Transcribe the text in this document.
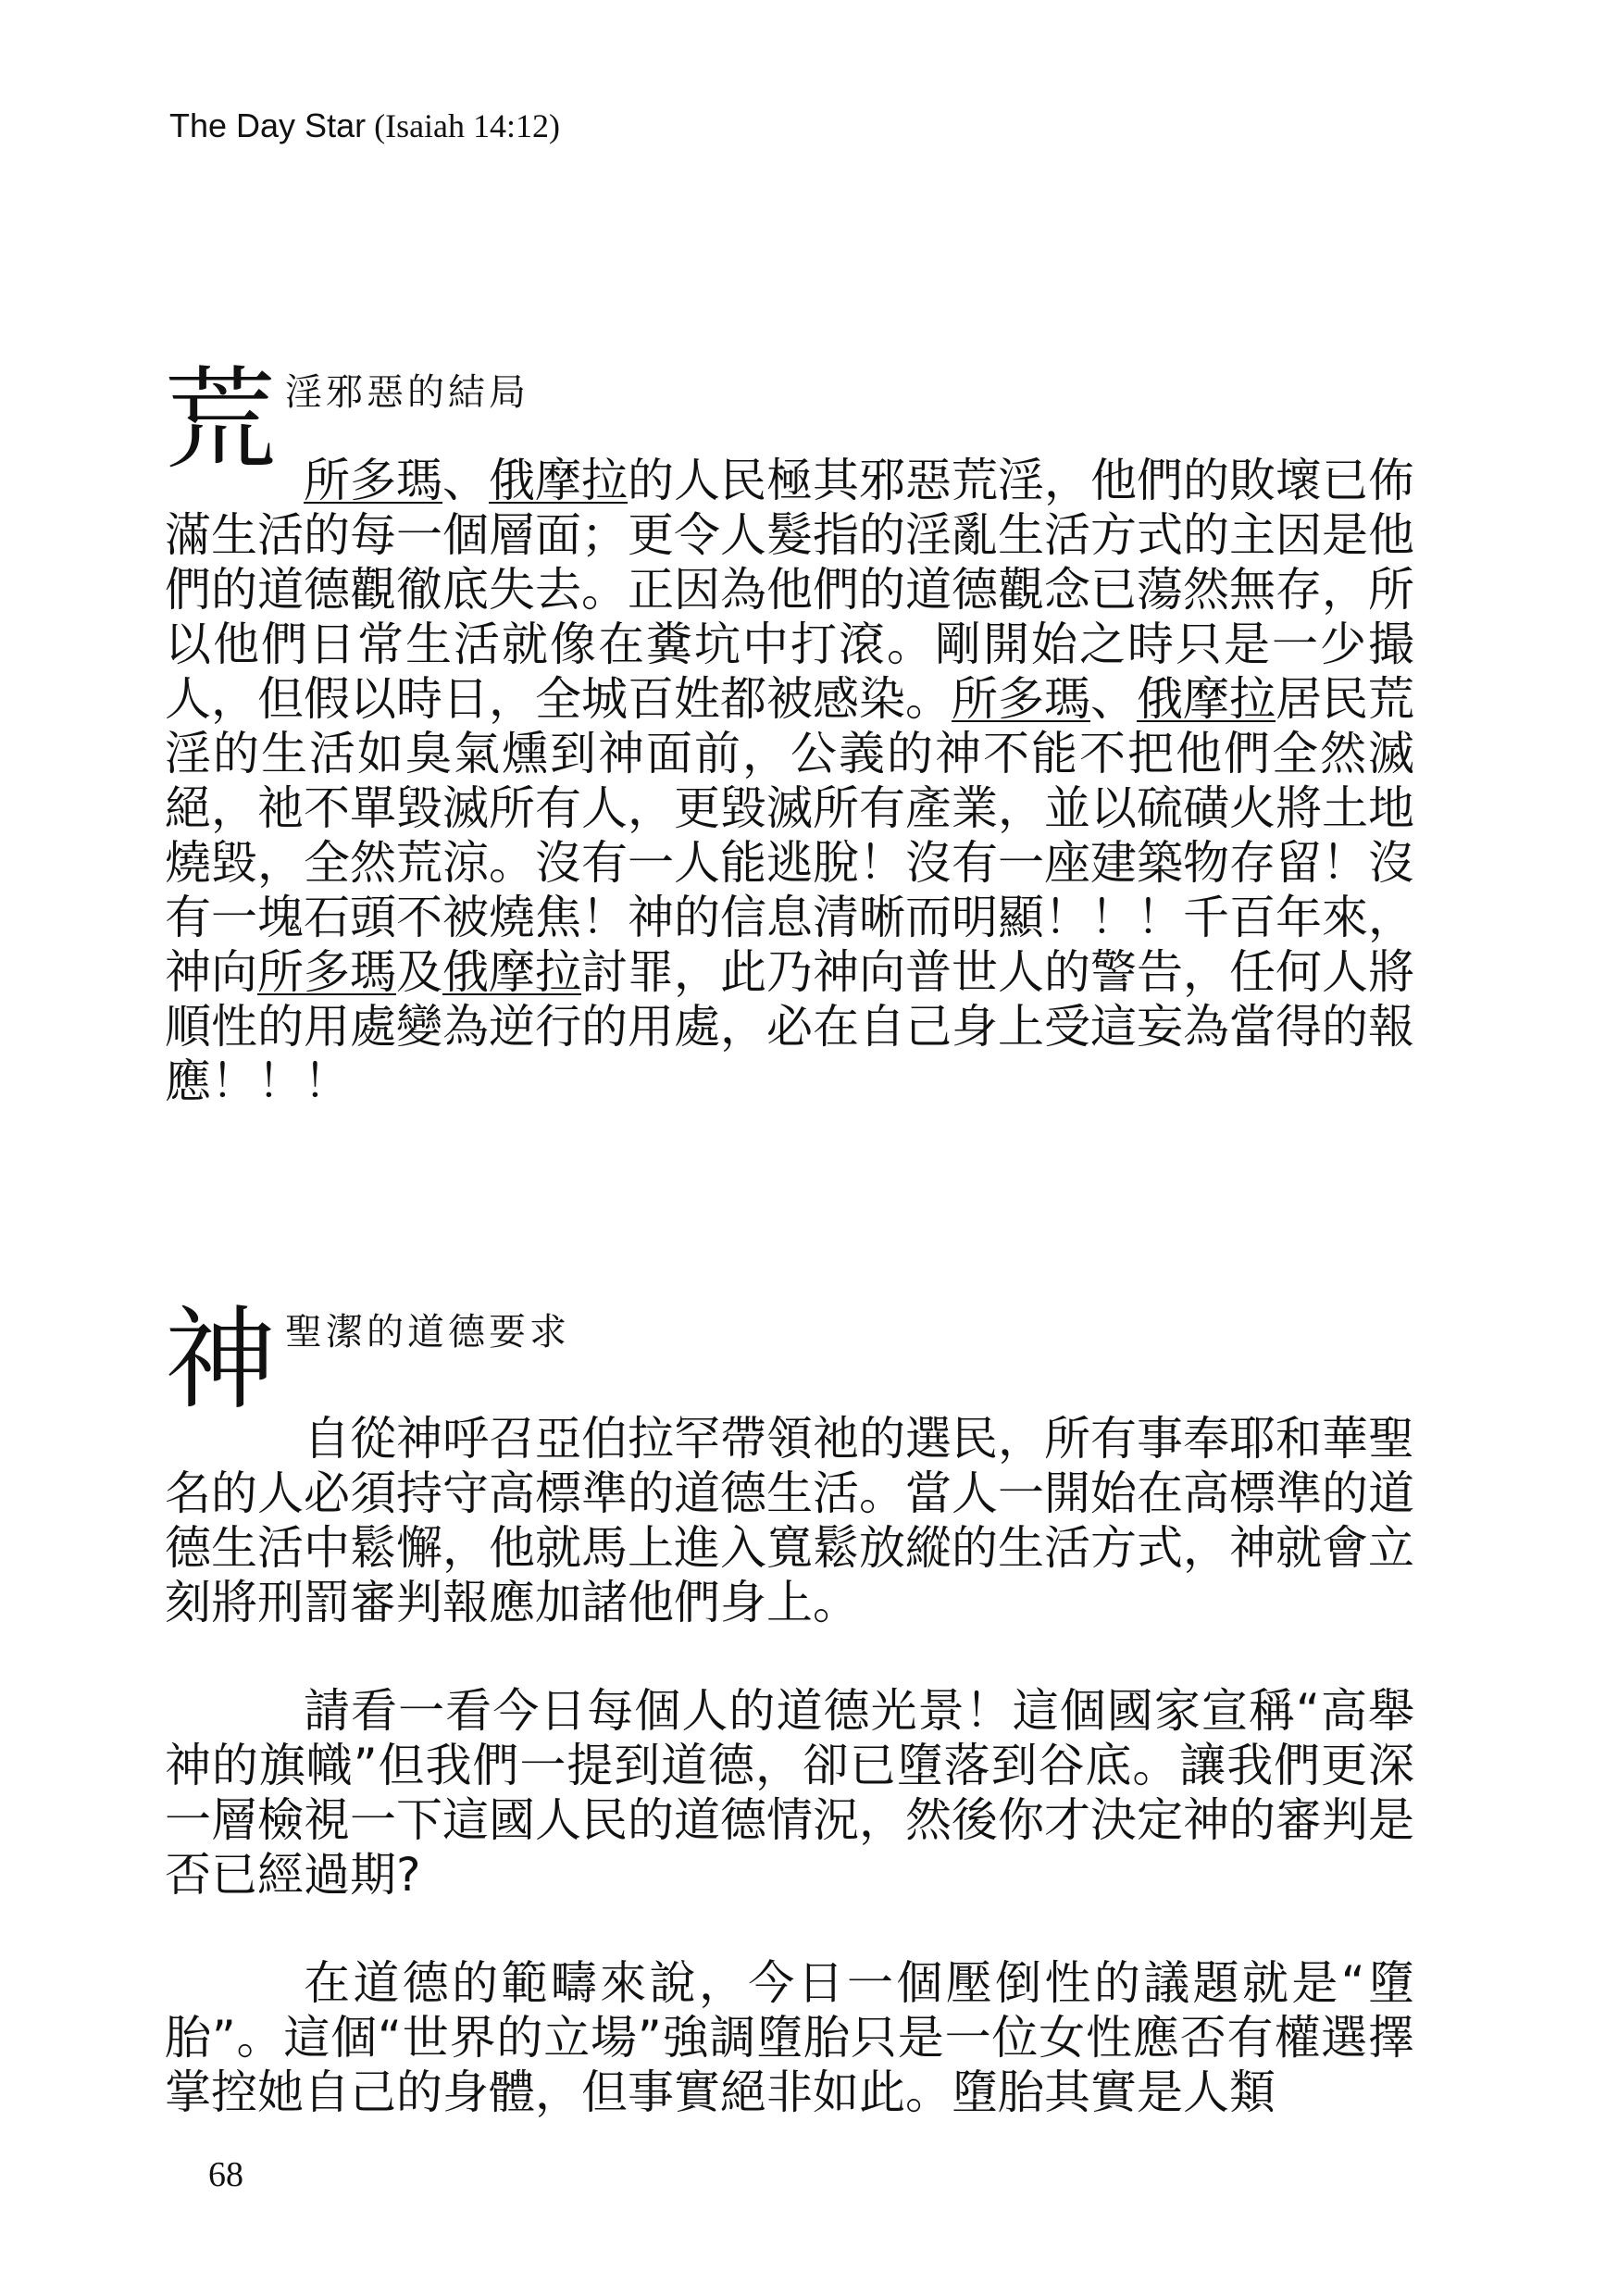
The Day Star (Isaiah 14:12)
荒 淫邪惡的結局

所多瑪、俄摩拉的人民極其邪惡荒淫，他們的敗壞已佈滿生活的每一個層面；更令人髮指的淫亂生活方式的主因是他們的道德觀徹底失去。正因為他們的道德觀念已蕩然無存，所以他們日常生活就像在糞坑中打滾。剛開始之時只是一少撮人，但假以時日，全城百姓都被感染。所多瑪、俄摩拉居民荒淫的生活如臭氣燻到神面前，公義的神不能不把他們全然滅絕，祂不單毀滅所有人，更毀滅所有產業，並以硫磺火將土地燒毀，全然荒涼。沒有一人能逃脫！沒有一座建築物存留！沒有一塊石頭不被燒焦！神的信息清晰而明顯！！！千百年來，神向所多瑪及俄摩拉討罪，此乃神向普世人的警告，任何人將順性的用處變為逆行的用處，必在自己身上受這妄為當得的報應！！！

神 聖潔的道德要求

自從神呼召亞伯拉罕帶領祂的選民，所有事奉耶和華聖名的人必須持守高標準的道德生活。當人一開始在高標準的道德生活中鬆懈，他就馬上進入寬鬆放縱的生活方式，神就會立刻將刑罰審判報應加諸他們身上。

請看一看今日每個人的道德光景！這個國家宣稱“高舉神的旗幟”但我們一提到道德，卻已墮落到谷底。讓我們更深一層檢視一下這國人民的道德情況，然後你才決定神的審判是否已經過期?

在道德的範疇來說，今日一個壓倒性的議題就是“墮胎”。這個“世界的立場”強調墮胎只是一位女性應否有權選擇掌控她自己的身體，但事實絕非如此。墮胎其實是人類

68
